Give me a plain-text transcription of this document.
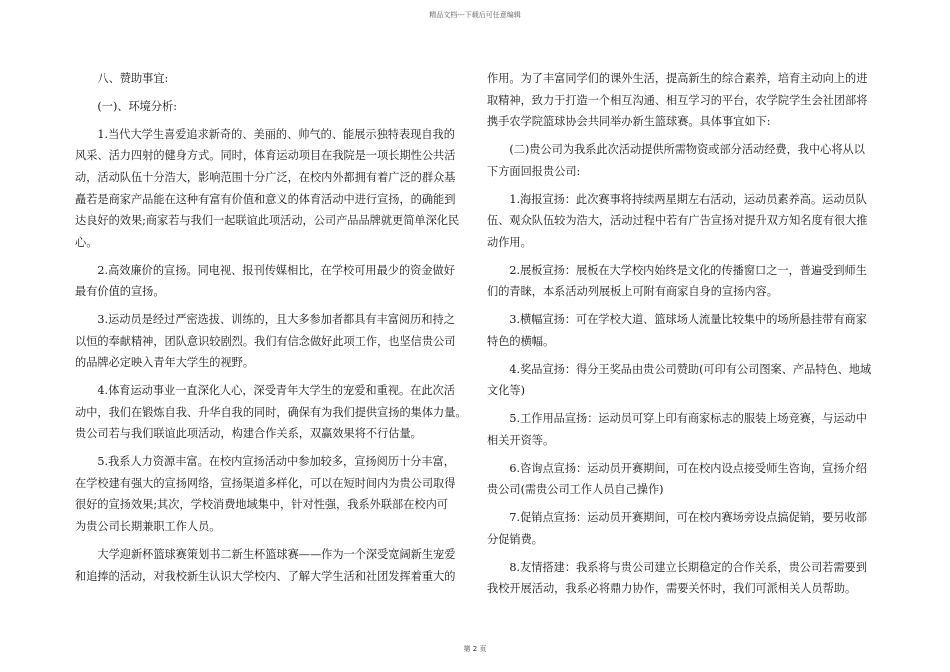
精品文档---下载后可任意编辑

八、赞助事宜:

(一)、环境分析:

1.当代大学生喜爱追求新奇的、美丽的、帅气的、能展示独特表现自我的
风采、活力四射的健身方式。同时，体育运动项目在我院是一项长期性公共活
动，活动队伍十分浩大，影响范围十分广泛，在校内外都拥有着广泛的群众基
矗若是商家产品能在这种有富有价值和意义的体育活动中进行宣扬，的确能到
达良好的效果;商家若与我们一起联谊此项活动，公司产品品牌就更简单深化民
心。

2.高效廉价的宣扬。同电视、报刊传媒相比，在学校可用最少的资金做好
最有价值的宣扬。

3.运动员是经过严密选拔、训练的，且大多参加者都具有丰富阅历和持之
以恒的奉献精神，团队意识较剧烈。我们有信念做好此项工作，也坚信贵公司
的品牌必定映入青年大学生的视野。

4.体育运动事业一直深化人心，深受青年大学生的宠爱和重视。在此次活
动中，我们在锻炼自我、升华自我的同时，确保有为我们提供宣扬的集体力量。
贵公司若与我们联谊此项活动，构建合作关系，双赢效果将不行估量。

5.我系人力资源丰富。在校内宣扬活动中参加较多，宣扬阅历十分丰富，
在学校建有强大的宣扬网络，宣扬渠道多样化，可以在短时间内为贵公司取得
很好的宣扬效果;其次，学校消费地域集中，针对性强，我系外联部在校内可
为贵公司长期兼职工作人员。

大学迎新杯篮球赛策划书二新生杯篮球赛——作为一个深受宽阔新生宠爱
和追捧的活动，对我校新生认识大学校内、了解大学生活和社团发挥着重大的

作用。为了丰富同学们的课外生活，提高新生的综合素养，培育主动向上的进
取精神，致力于打造一个相互沟通、相互学习的平台，农学院学生会社团部将
携手农学院篮球协会共同举办新生篮球赛。具体事宜如下:

(二)贵公司为我系此次活动提供所需物资或部分活动经费，我中心将从以
下方面回报贵公司:

1.海报宣扬：此次赛事将持续两星期左右活动，运动员素养高。运动员队
伍、观众队伍较为浩大，活动过程中若有广告宣扬对提升双方知名度有很大推
动作用。

2.展板宣扬：展板在大学校内始终是文化的传播窗口之一，普遍受到师生
们的青睐，本系活动列展板上可附有商家自身的宣扬内容。

3.横幅宣扬：可在学校大道、篮球场人流量比较集中的场所悬挂带有商家
特色的横幅。

4.奖品宣扬：得分王奖品由贵公司赞助(可印有公司图案、产品特色、地域
文化等)

5.工作用品宣扬：运动员可穿上印有商家标志的服装上场竞赛，与运动中
相关开资等。

6.咨询点宣扬：运动员开赛期间，可在校内设点接受师生咨询，宣扬介绍
贵公司(需贵公司工作人员自己操作)

7.促销点宣扬：运动员开赛期间，可在校内赛场旁设点搞促销，要另收部
分促销费。

8.友情搭建：我系将与贵公司建立长期稳定的合作关系，贵公司若需要到
我校开展活动，我系必将鼎力协作，需要关怀时，我们可派相关人员帮助。

第 2 页
